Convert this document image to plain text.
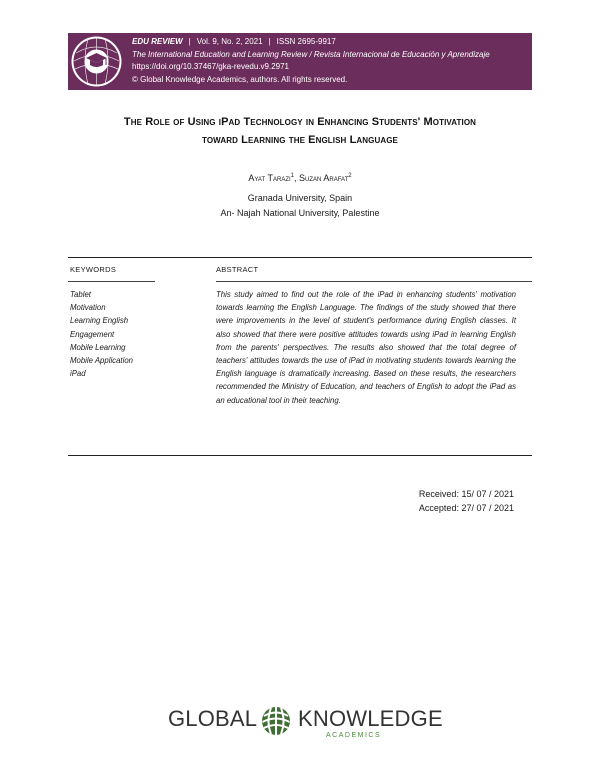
EDU REVIEW | Vol. 9, No. 2, 2021 | ISSN 2695-9917
The International Education and Learning Review / Revista Internacional de Educación y Aprendizaje
https://doi.org/10.37467/gka-revedu.v9.2971
© Global Knowledge Academics, authors. All rights reserved.
The Role of Using iPad Technology in Enhancing Students' Motivation
toward Learning the English Language
Ayat Tarazi$^1$, Suzan Arafat$^2$
Granada University, Spain
An- Najah National University, Palestine
KEYWORDS
Tablet
Motivation
Learning English
Engagement
Mobile Learning
Mobile Application
iPad
ABSTRACT
This study aimed to find out the role of the iPad in enhancing students' motivation towards learning the English Language. The findings of the study showed that there were improvements in the level of student's performance during English classes. It also showed that there were positive attitudes towards using iPad in learning English from the parents' perspectives. The results also showed that the total degree of teachers' attitudes towards the use of iPad in motivating students towards learning the English language is dramatically increasing. Based on these results, the researchers recommended the Ministry of Education, and teachers of English to adopt the iPad as an educational tool in their teaching.
Received: 15/ 07 / 2021
Accepted: 27/ 07 / 2021
GLOBAL KNOWLEDGE
ACADEMICS
